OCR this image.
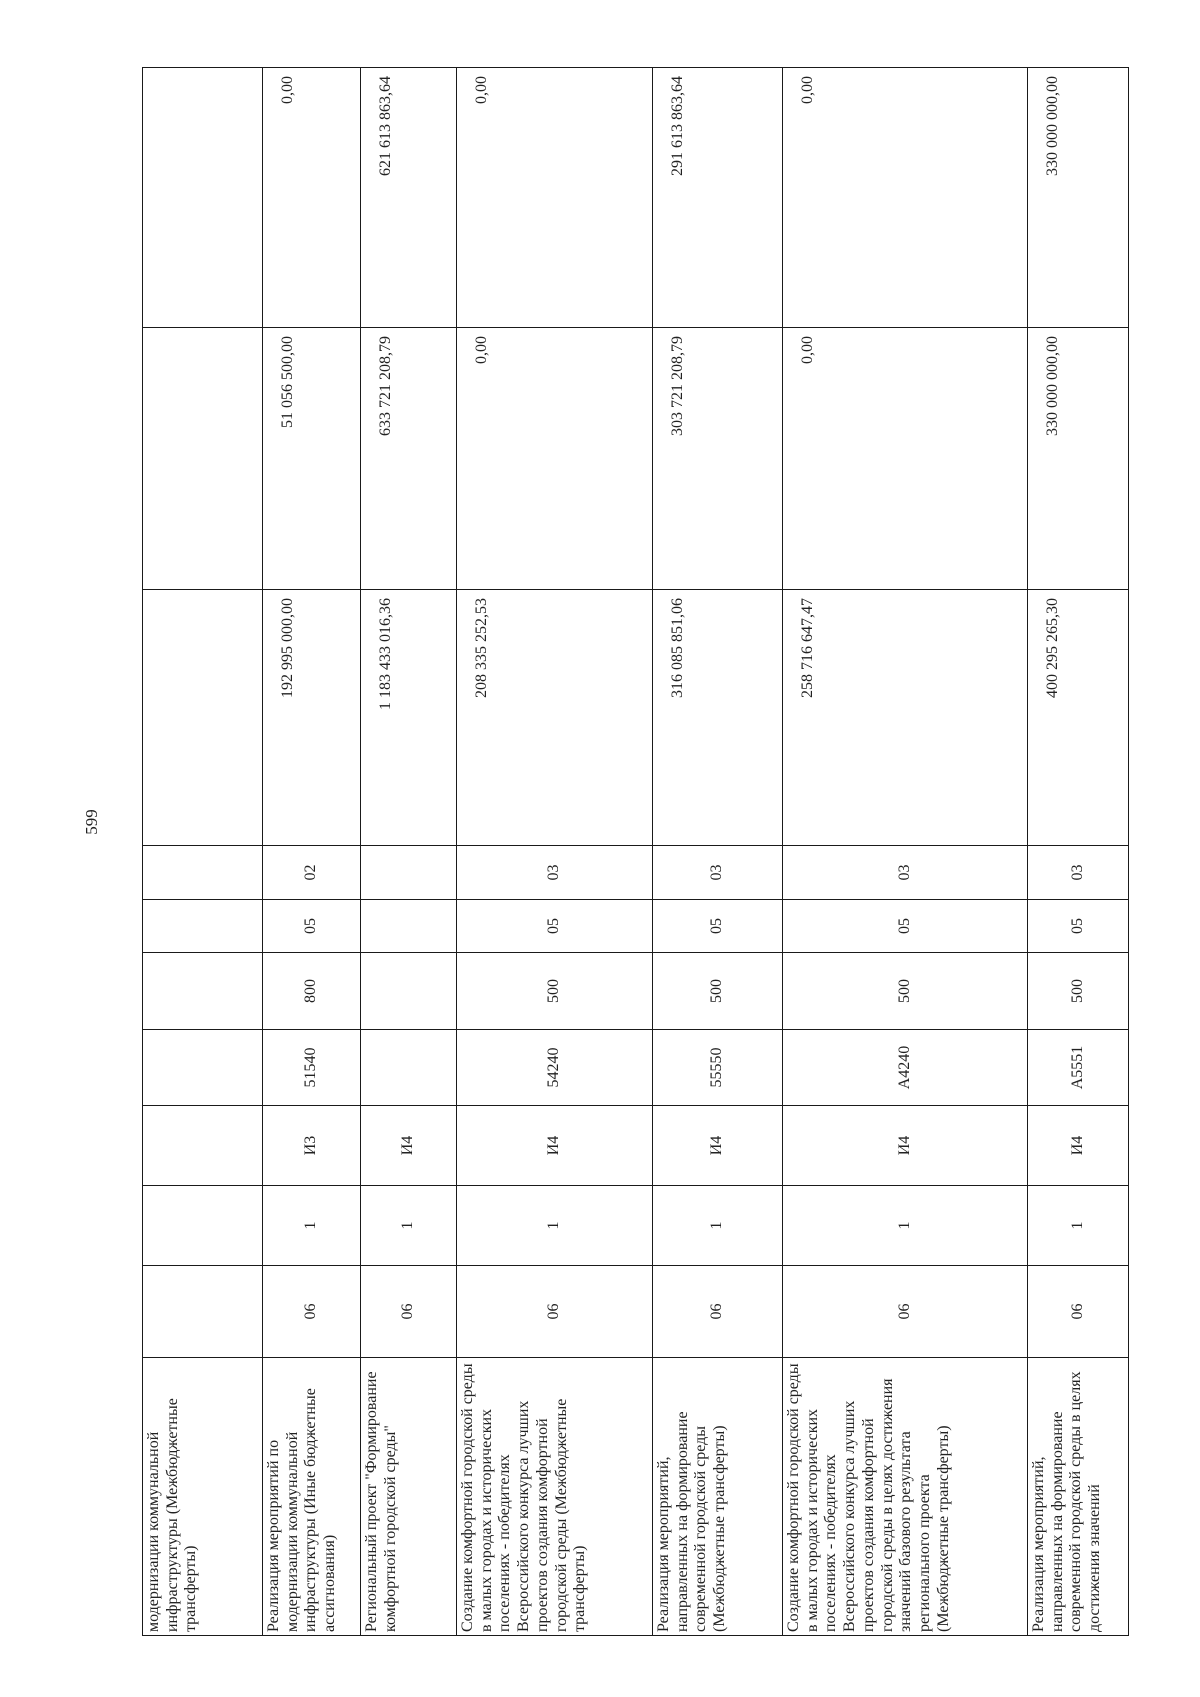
599
модернизации коммунальной инфраструктуры (Межбюджетные трансферты)										
Реализация мероприятий по модернизации коммунальной инфраструктуры (Иные бюджетные ассигнования)	06	1	И3	51540	800	05	02	192 995 000,00	51 056 500,00	0,00
Региональный проект "Формирование комфортной городской среды"	06	1	И4					1 183 433 016,36	633 721 208,79	621 613 863,64
Создание комфортной городской среды в малых городах и исторических поселениях - победителях Всероссийского конкурса лучших проектов создания комфортной городской среды (Межбюджетные трансферты)	06	1	И4	54240	500	05	03	208 335 252,53	0,00	0,00
Реализация мероприятий, направленных на формирование современной городской среды (Межбюджетные трансферты)	06	1	И4	55550	500	05	03	316 085 851,06	303 721 208,79	291 613 863,64
Создание комфортной городской среды в малых городах и исторических поселениях - победителях Всероссийского конкурса лучших проектов создания комфортной городской среды в целях достижения значений базового результата регионального проекта (Межбюджетные трансферты)	06	1	И4	А4240	500	05	03	258 716 647,47	0,00	0,00
Реализация мероприятий, направленных на формирование современной городской среды в целях достижения значений	06	1	И4	А5551	500	05	03	400 295 265,30	330 000 000,00	330 000 000,00
